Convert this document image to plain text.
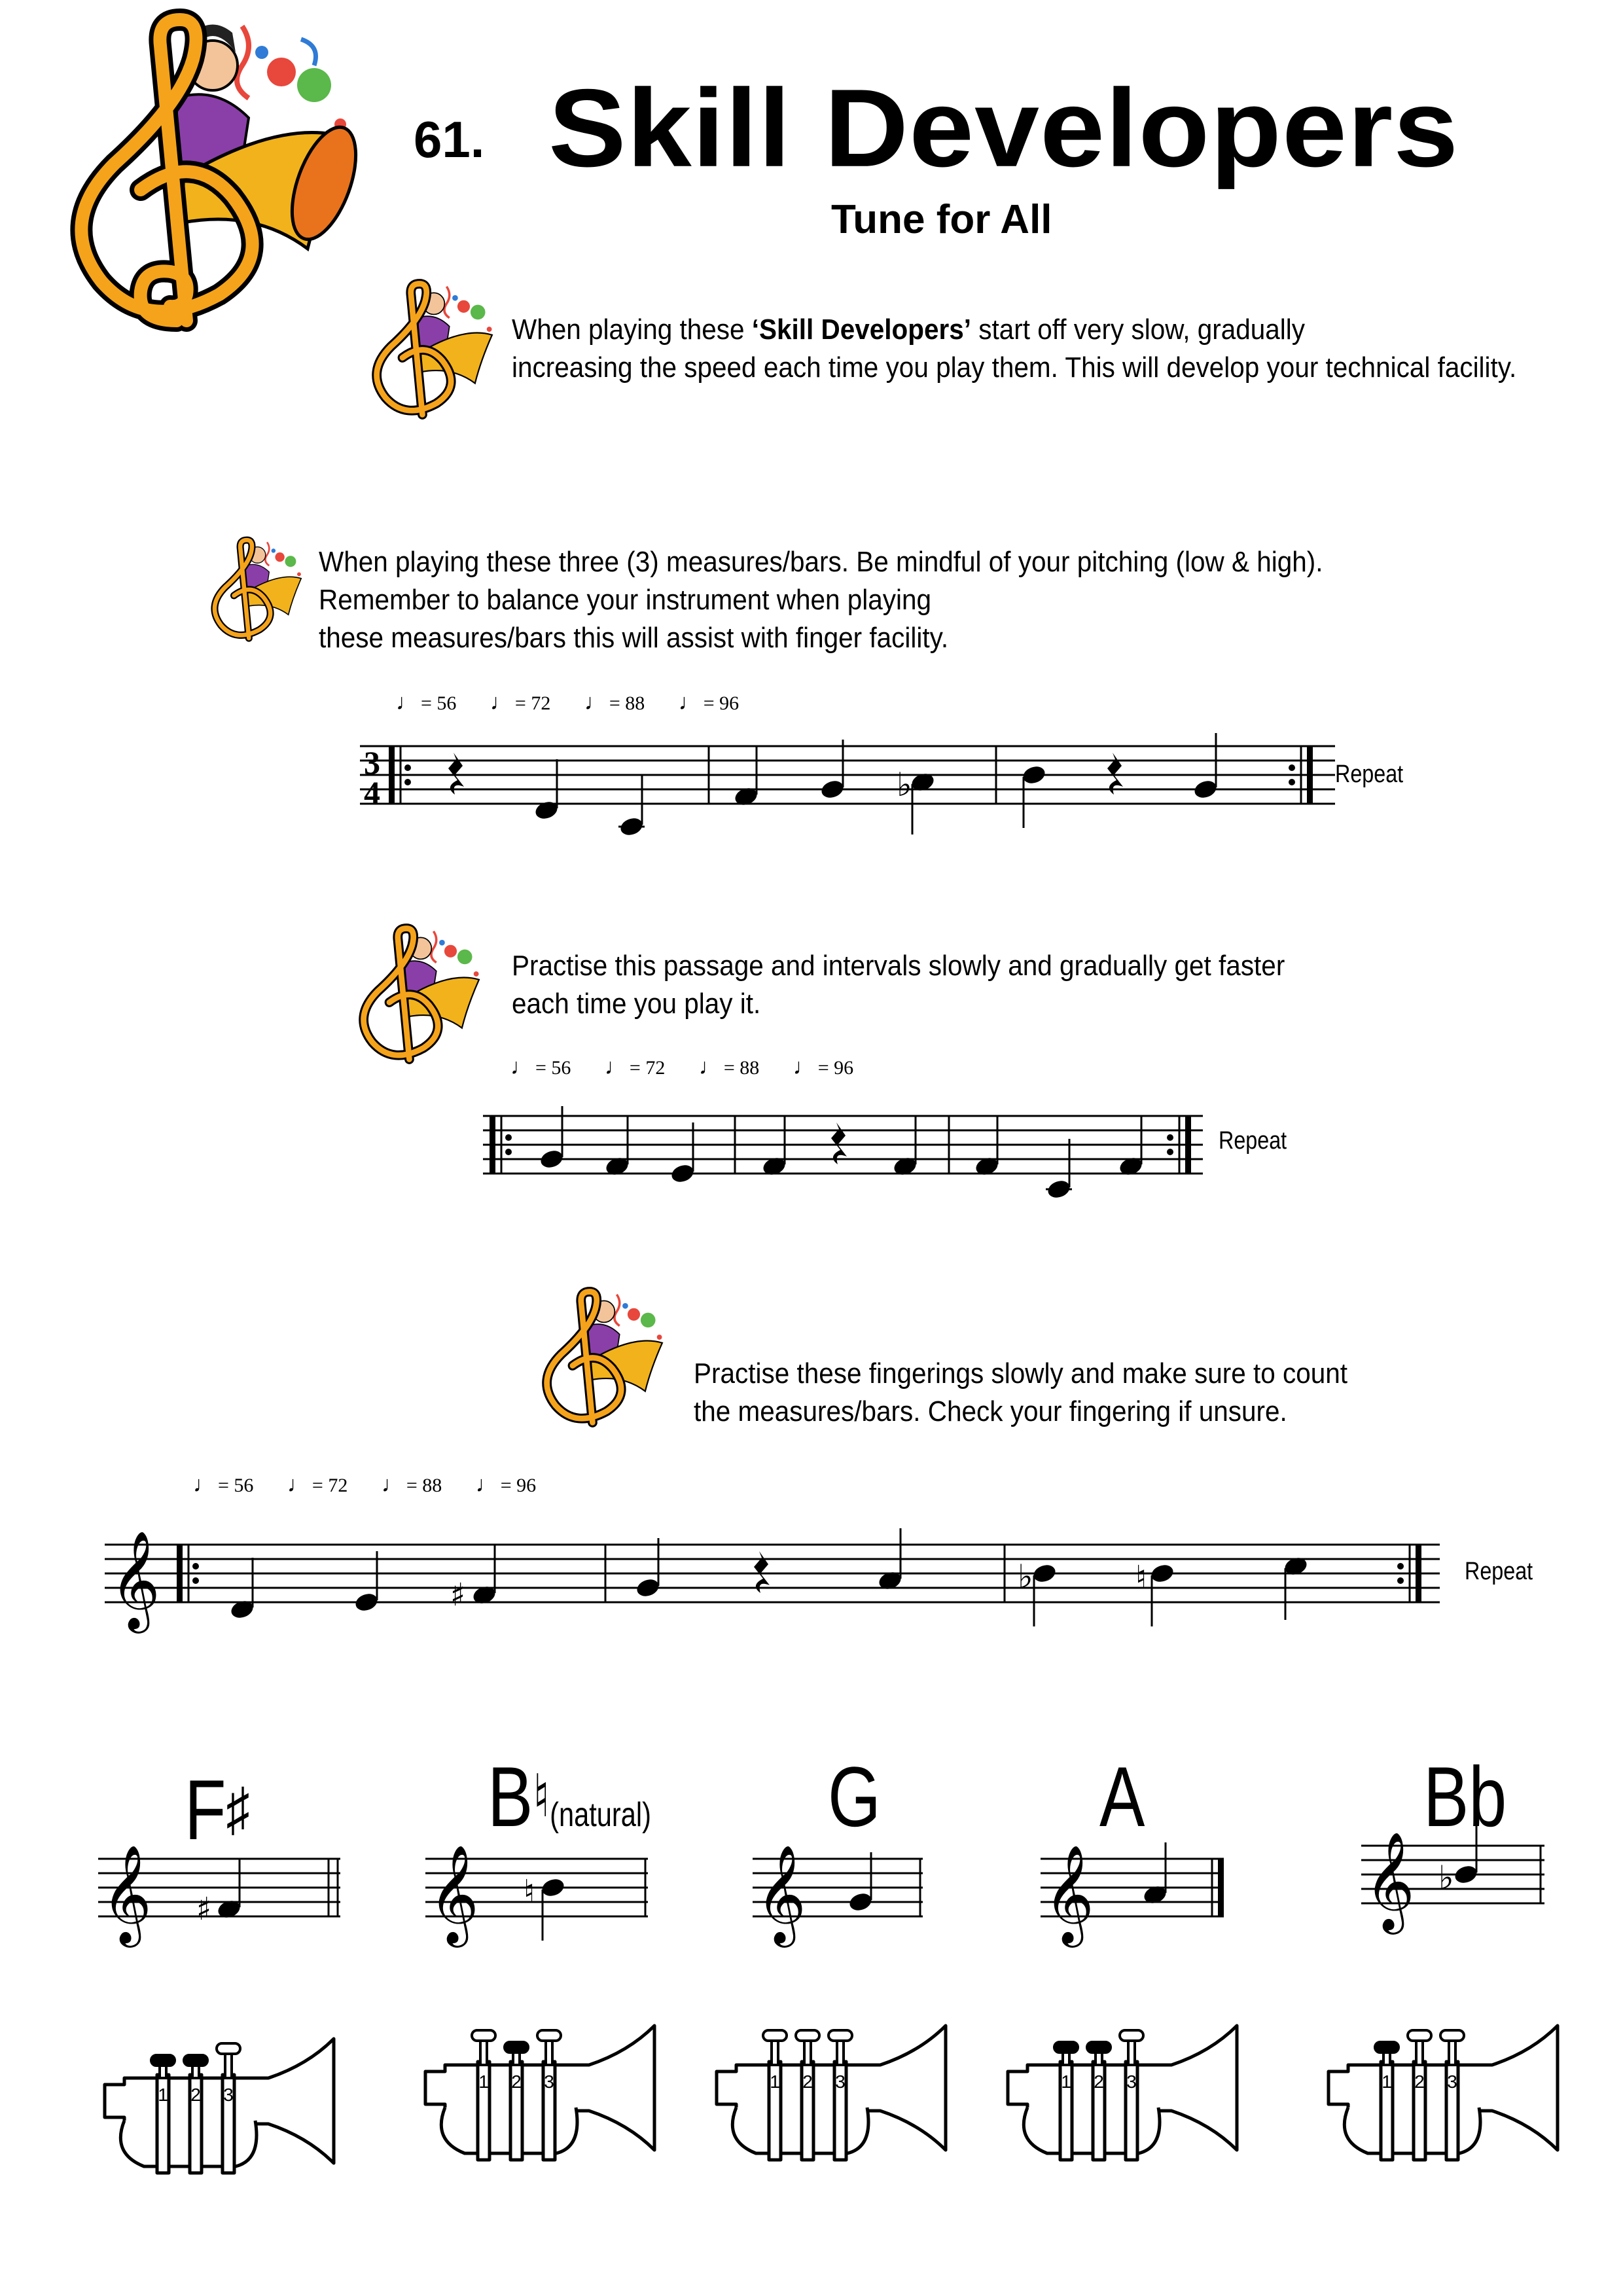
61. Skill Developers
Tune for All
When playing these ‘Skill Developers’ start off very slow, gradually
increasing the speed each time you play them. This will develop your technical facility.
When playing these three (3) measures/bars. Be mindful of your pitching (low & high).
Remember to balance your instrument when playing
these measures/bars this will assist with finger facility.
♩ = 56 ♩ = 72 ♩ = 88 ♩ = 96
3
4	♭	Repeat
Practise this passage and intervals slowly and gradually get faster
each time you play it.
♩ = 56 ♩ = 72 ♩ = 88 ♩ = 96
Repeat
Practise these fingerings slowly and make sure to count
the measures/bars. Check your fingering if unsure.
♩ = 56 ♩ = 72 ♩ = 88 ♩ = 96
𝄞	♯	♭	♮	Repeat
F♯	B♮(natural) G	A	Bb
𝄞 ♯	𝄞 ♮	𝄞	𝄞	𝄞 ♭
1 2 3
1 2 3	1 2 3	1 2 3	1 2 3
